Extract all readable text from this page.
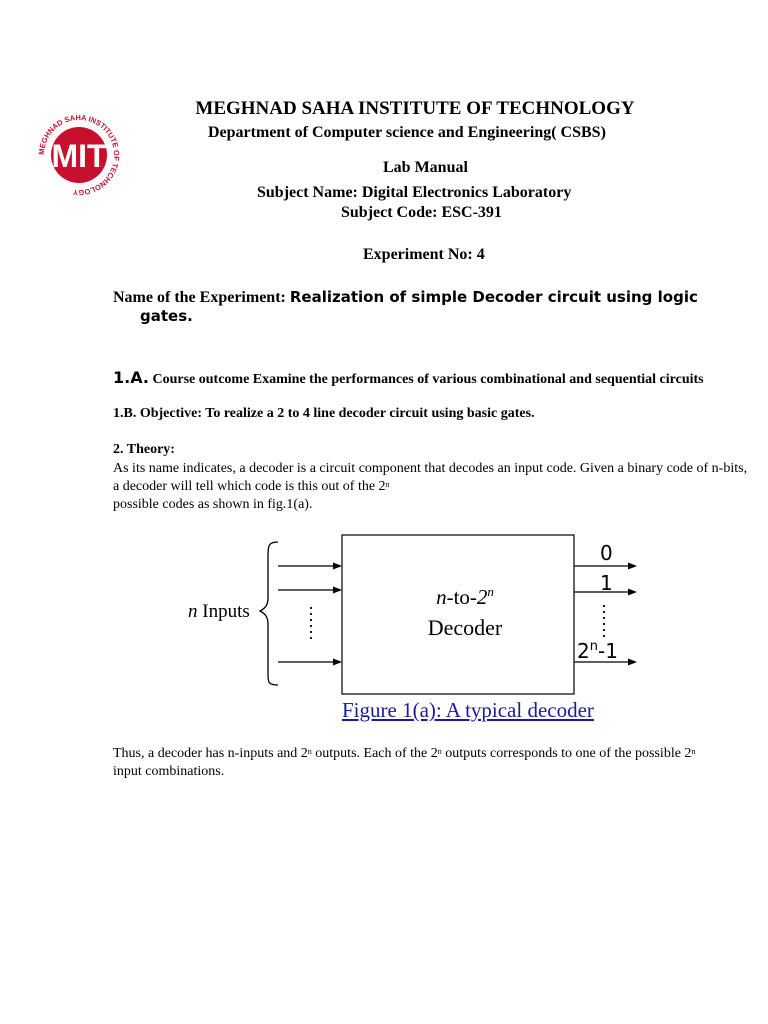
MEGHNAD SAHA INSTITUTE OF TECHNOLOGY
MIT
MEGHNAD SAHA INSTITUTE OF TECHNOLOGY
Department of Computer science and Engineering( CSBS)
Lab Manual
Subject Name: Digital Electronics Laboratory
Subject Code: ESC-391
Experiment No: 4
Name of the Experiment: Realization of simple Decoder circuit using logic
gates.
1.A. Course outcome Examine the performances of various combinational and sequential circuits
1.B. Objective: To realize a 2 to 4 line decoder circuit using basic gates.
2. Theory:
As its name indicates, a decoder is a circuit component that decodes an input code. Given a binary code of n-bits, a decoder will tell which code is this out of the 2$^n$
possible codes as shown in fig.1(a).
n Inputs
n-to-2$^n$
Decoder
0
1
2$^n$-1
Figure 1(a): A typical decoder
Thus, a decoder has n-inputs and 2$^n$ outputs. Each of the 2$^n$ outputs corresponds to one of the possible 2$^n$
input combinations.
